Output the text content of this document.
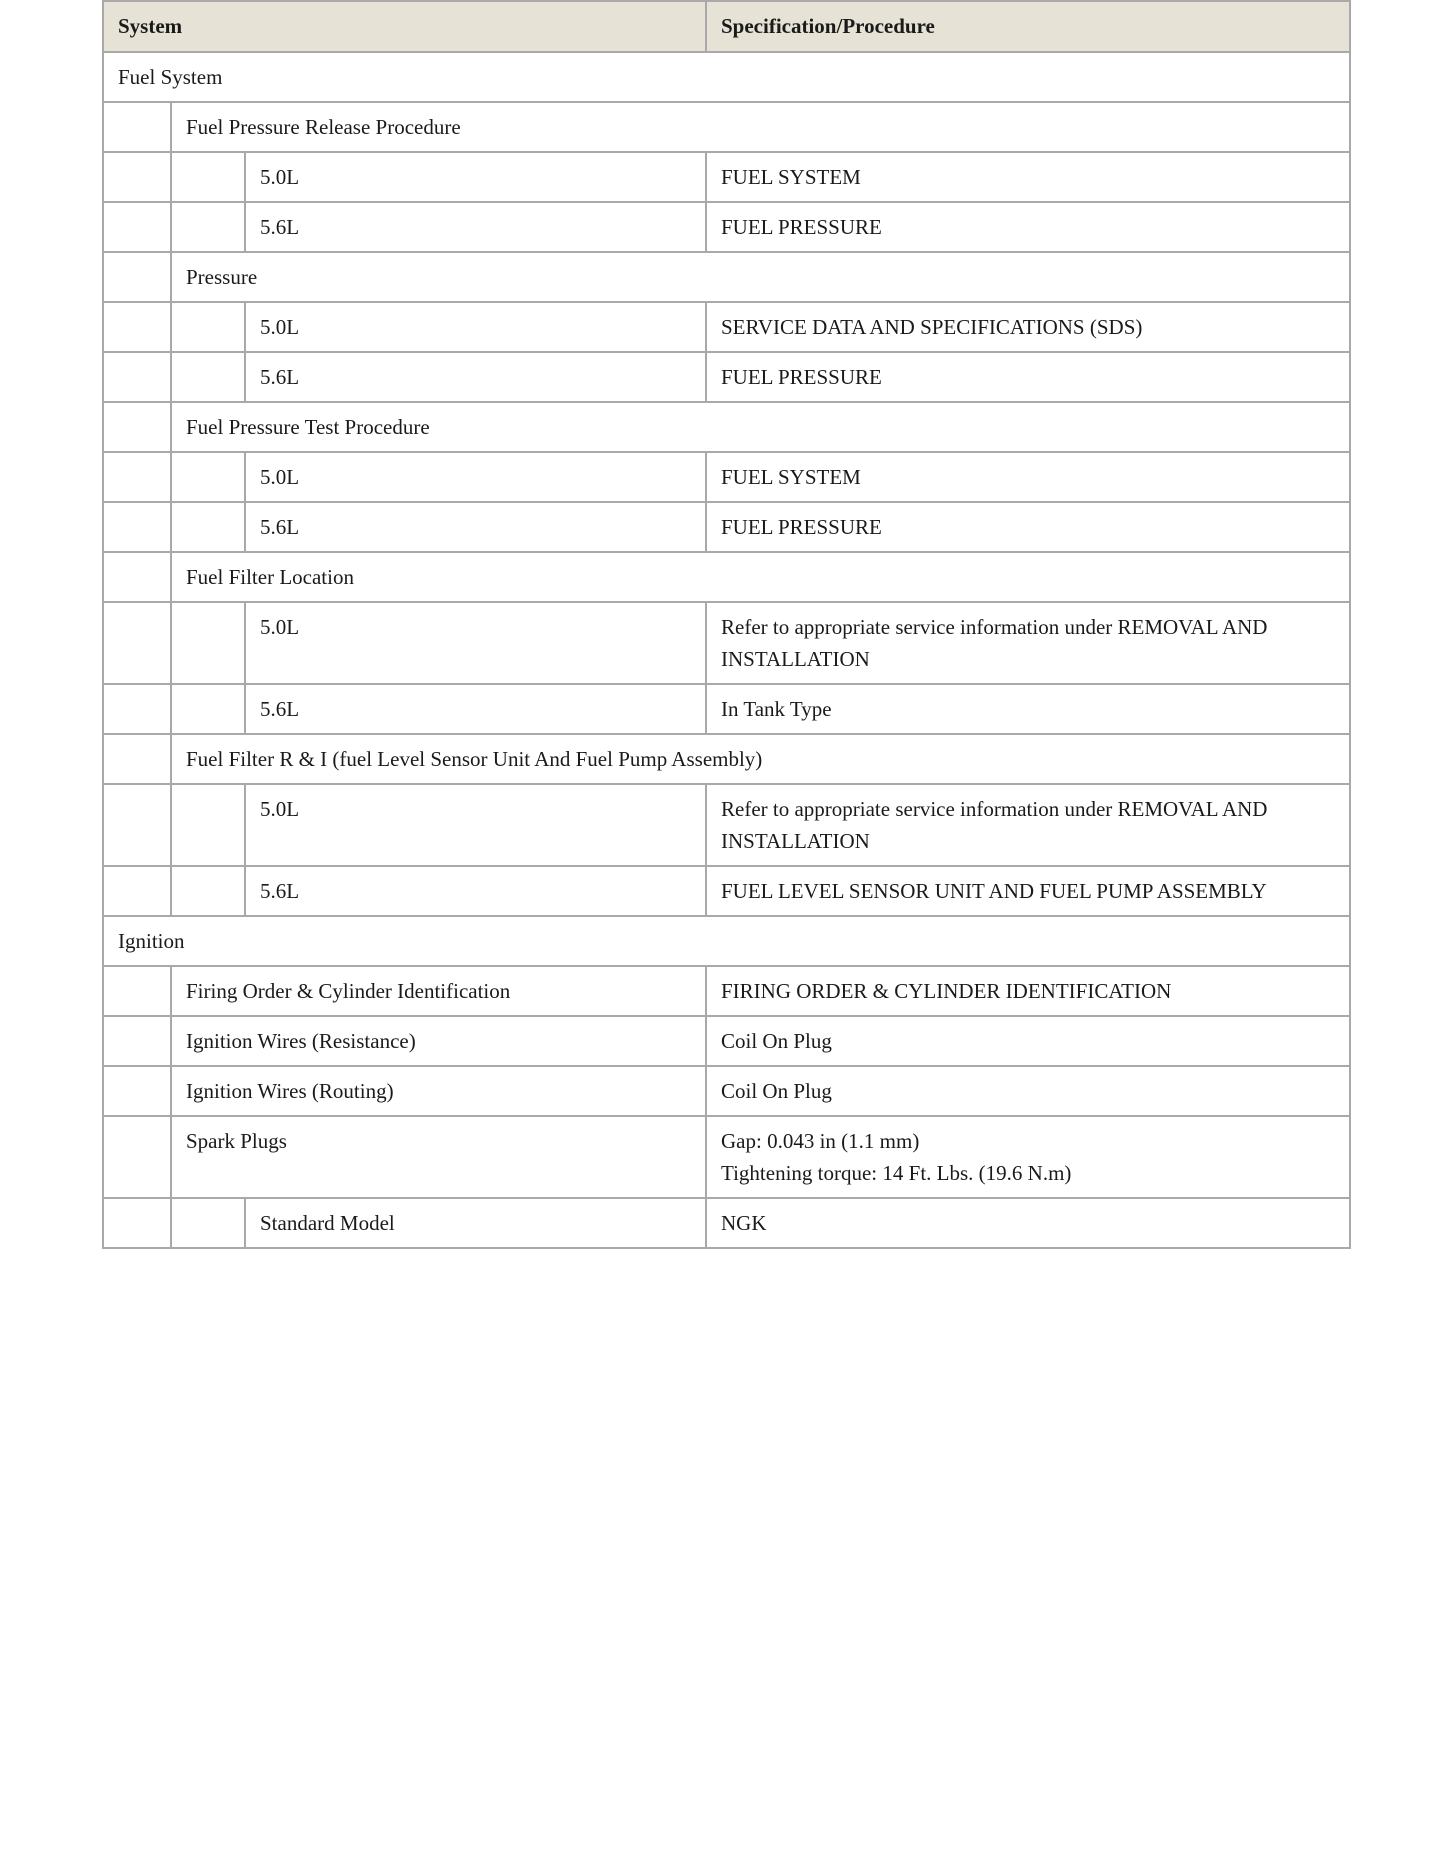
System			Specification/Procedure
Fuel System			
	Fuel Pressure Release Procedure		
		5.0L	FUEL SYSTEM
		5.6L	FUEL PRESSURE
	Pressure		
		5.0L	SERVICE DATA AND SPECIFICATIONS (SDS)
		5.6L	FUEL PRESSURE
	Fuel Pressure Test Procedure		
		5.0L	FUEL SYSTEM
		5.6L	FUEL PRESSURE
	Fuel Filter Location		
		5.0L	Refer to appropriate service information under REMOVAL AND INSTALLATION
		5.6L	In Tank Type
	Fuel Filter R & I (fuel Level Sensor Unit And Fuel Pump Assembly)		
		5.0L	Refer to appropriate service information under REMOVAL AND INSTALLATION
		5.6L	FUEL LEVEL SENSOR UNIT AND FUEL PUMP ASSEMBLY
Ignition			
	Firing Order & Cylinder Identification		FIRING ORDER & CYLINDER IDENTIFICATION
	Ignition Wires (Resistance)		Coil On Plug
	Ignition Wires (Routing)		Coil On Plug
	Spark Plugs		Gap: 0.043 in (1.1 mm)
Tightening torque: 14 Ft. Lbs. (19.6 N.m)

		Standard Model	NGK
